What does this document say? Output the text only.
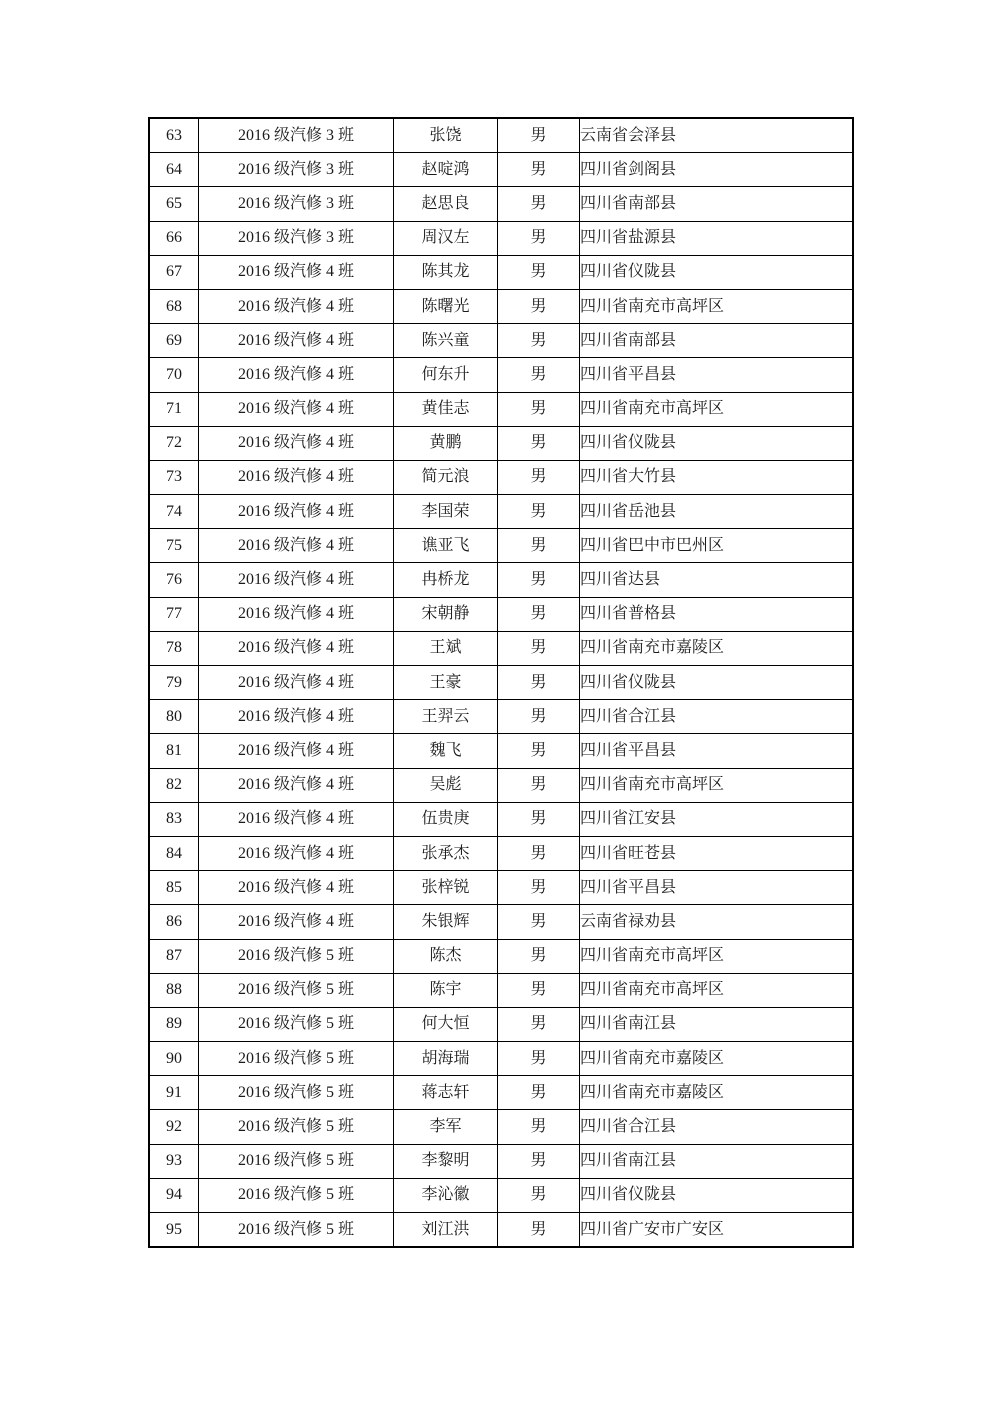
63	2016 级汽修 3 班	张饶	男	云南省会泽县
64	2016 级汽修 3 班	赵啶鸿	男	四川省剑阁县
65	2016 级汽修 3 班	赵思良	男	四川省南部县
66	2016 级汽修 3 班	周汉左	男	四川省盐源县
67	2016 级汽修 4 班	陈其龙	男	四川省仪陇县
68	2016 级汽修 4 班	陈曙光	男	四川省南充市高坪区
69	2016 级汽修 4 班	陈兴童	男	四川省南部县
70	2016 级汽修 4 班	何东升	男	四川省平昌县
71	2016 级汽修 4 班	黄佳志	男	四川省南充市高坪区
72	2016 级汽修 4 班	黄鹏	男	四川省仪陇县
73	2016 级汽修 4 班	简元浪	男	四川省大竹县
74	2016 级汽修 4 班	李国荣	男	四川省岳池县
75	2016 级汽修 4 班	谯亚飞	男	四川省巴中市巴州区
76	2016 级汽修 4 班	冉桥龙	男	四川省达县
77	2016 级汽修 4 班	宋朝静	男	四川省普格县
78	2016 级汽修 4 班	王斌	男	四川省南充市嘉陵区
79	2016 级汽修 4 班	王豪	男	四川省仪陇县
80	2016 级汽修 4 班	王羿云	男	四川省合江县
81	2016 级汽修 4 班	魏飞	男	四川省平昌县
82	2016 级汽修 4 班	吴彪	男	四川省南充市高坪区
83	2016 级汽修 4 班	伍贵庚	男	四川省江安县
84	2016 级汽修 4 班	张承杰	男	四川省旺苍县
85	2016 级汽修 4 班	张梓锐	男	四川省平昌县
86	2016 级汽修 4 班	朱银辉	男	云南省禄劝县
87	2016 级汽修 5 班	陈杰	男	四川省南充市高坪区
88	2016 级汽修 5 班	陈宇	男	四川省南充市高坪区
89	2016 级汽修 5 班	何大恒	男	四川省南江县
90	2016 级汽修 5 班	胡海瑞	男	四川省南充市嘉陵区
91	2016 级汽修 5 班	蒋志轩	男	四川省南充市嘉陵区
92	2016 级汽修 5 班	李军	男	四川省合江县
93	2016 级汽修 5 班	李黎明	男	四川省南江县
94	2016 级汽修 5 班	李沁徽	男	四川省仪陇县
95	2016 级汽修 5 班	刘江洪	男	四川省广安市广安区
